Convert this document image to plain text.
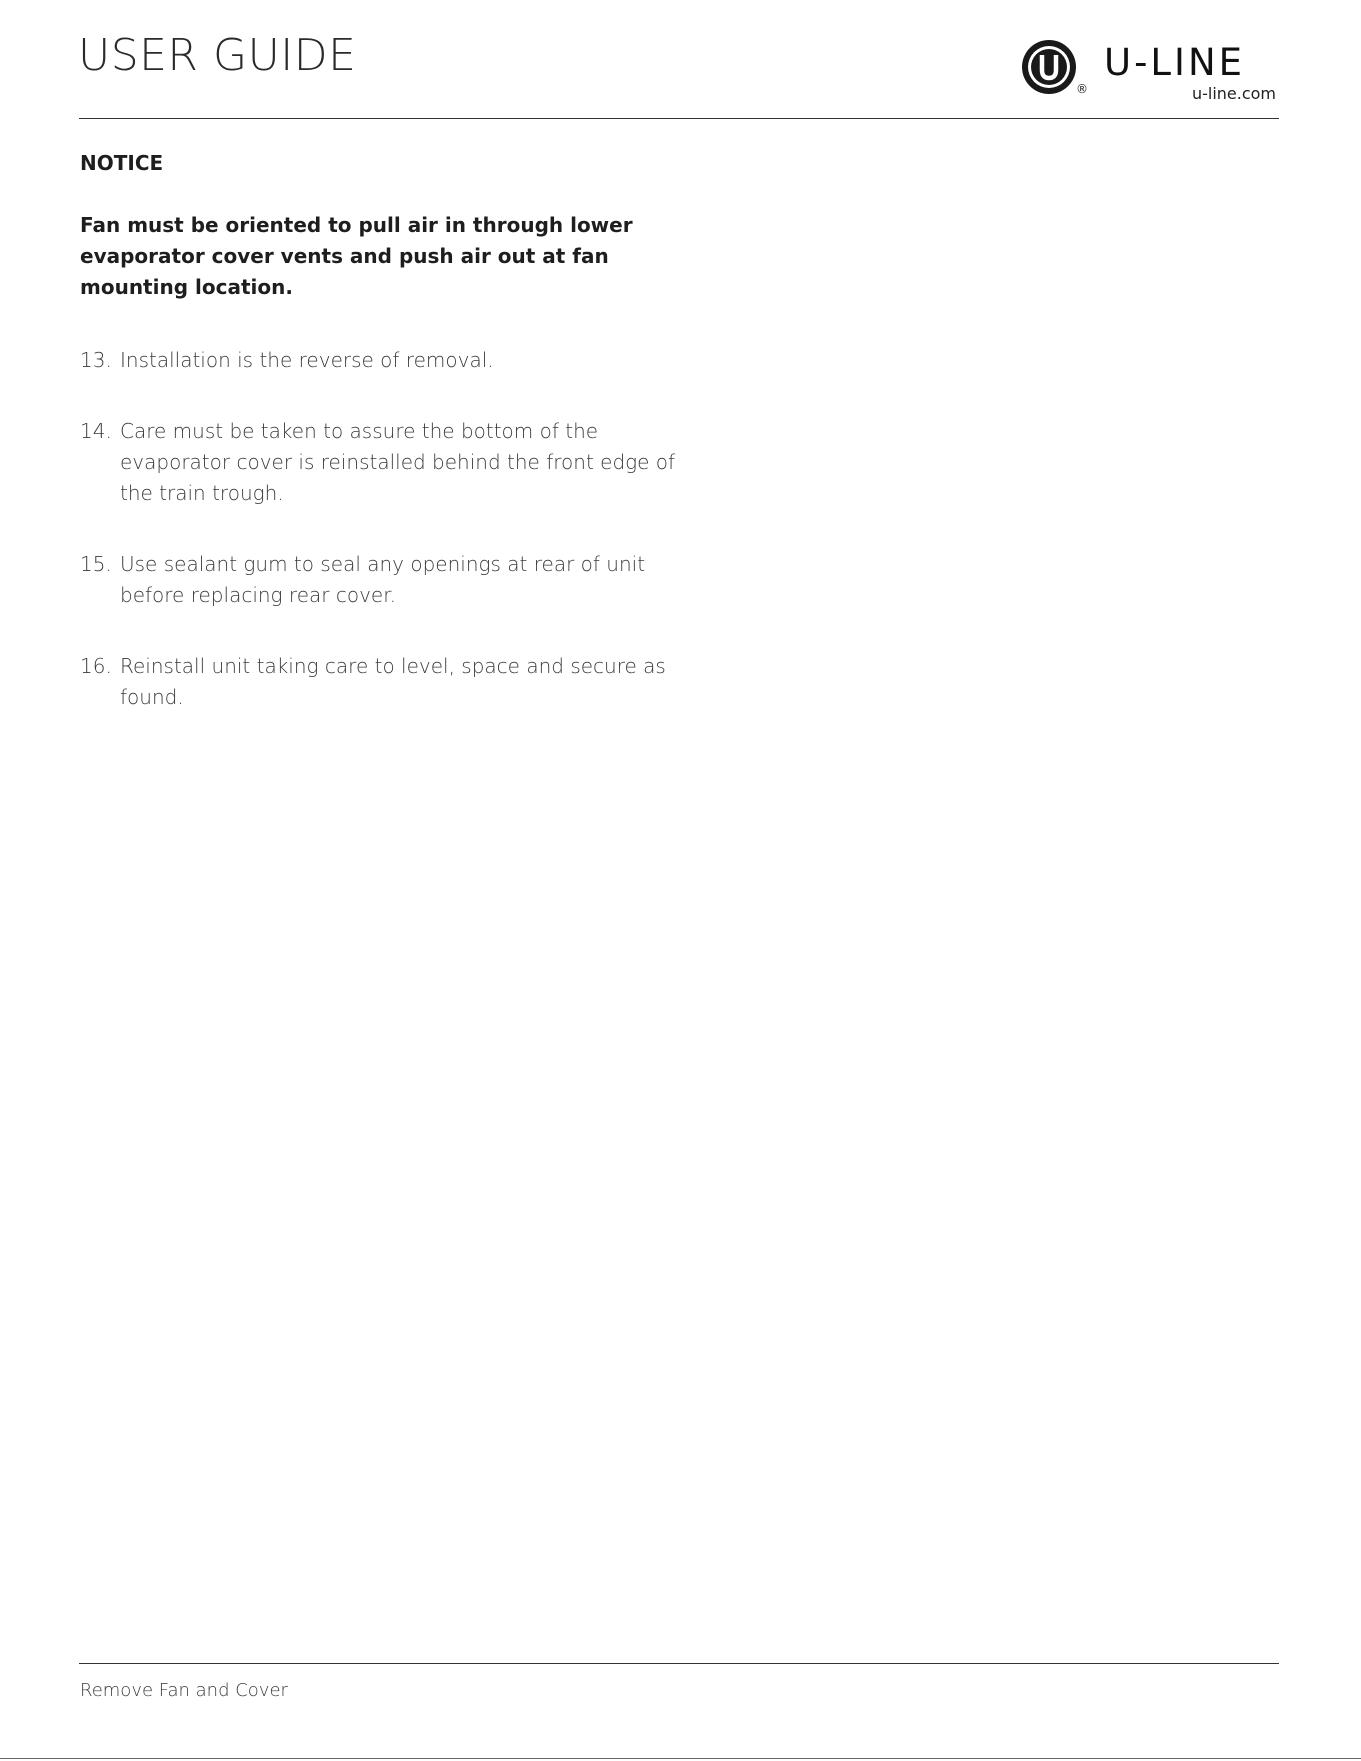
USER GUIDE
®
U-LINE
u-line.com
NOTICE
Fan must be oriented to pull air in through lower evaporator cover vents and push air out at fan mounting location.
13. Installation is the reverse of removal.
14. Care must be taken to assure the bottom of the evaporator cover is reinstalled behind the front edge of the train trough.
15. Use sealant gum to seal any openings at rear of unit before replacing rear cover.
16. Reinstall unit taking care to level, space and secure as found.
Remove Fan and Cover
